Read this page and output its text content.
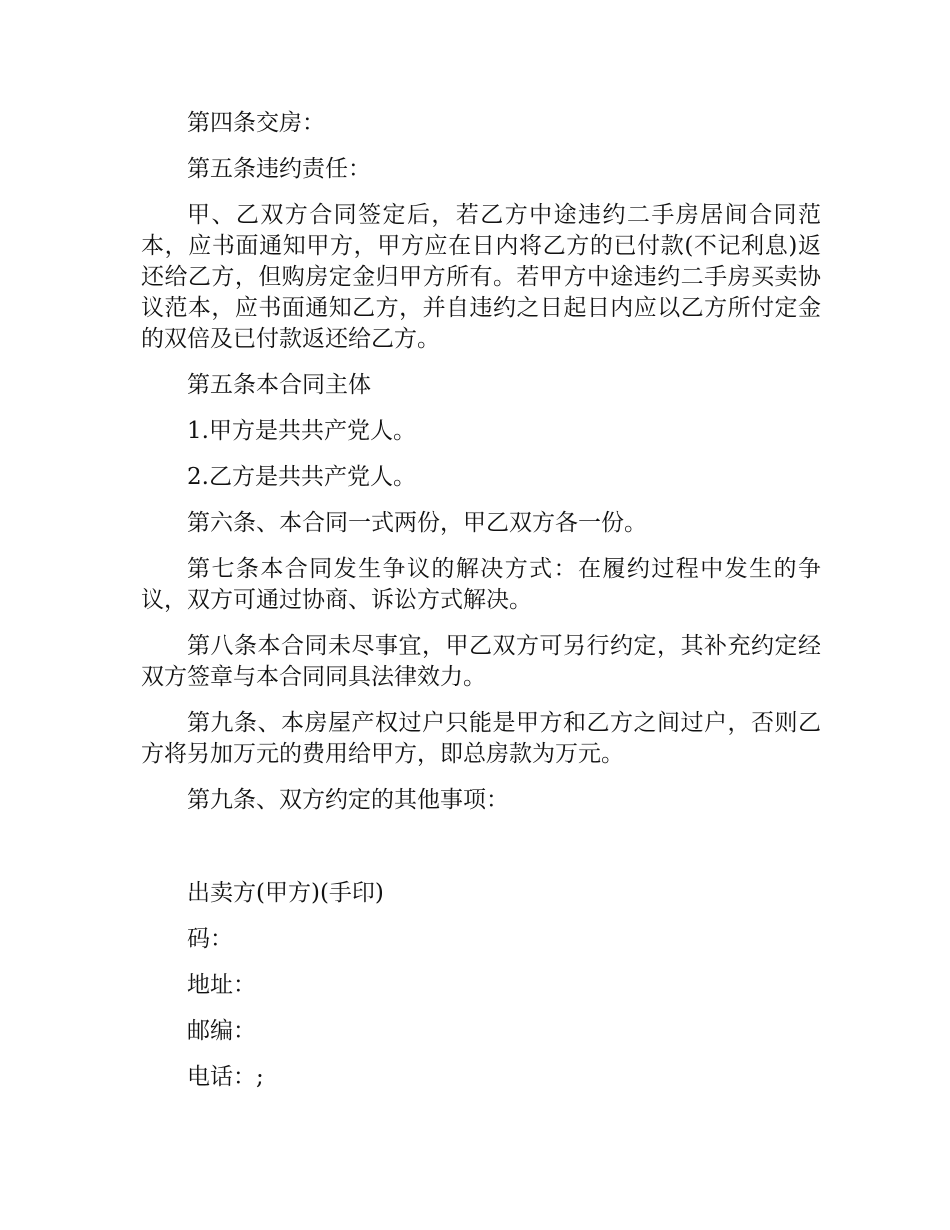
第四条交房：

第五条违约责任：

甲、乙双方合同签定后，若乙方中途违约二手房居间合同范本，应书面通知甲方，甲方应在日内将乙方的已付款(不记利息)返还给乙方，但购房定金归甲方所有。若甲方中途违约二手房买卖协议范本，应书面通知乙方，并自违约之日起日内应以乙方所付定金的双倍及已付款返还给乙方。

第五条本合同主体

1.甲方是共共产党人。

2.乙方是共共产党人。

第六条、本合同一式两份，甲乙双方各一份。

第七条本合同发生争议的解决方式：在履约过程中发生的争议，双方可通过协商、诉讼方式解决。

第八条本合同未尽事宜，甲乙双方可另行约定，其补充约定经双方签章与本合同同具法律效力。

第九条、本房屋产权过户只能是甲方和乙方之间过户，否则乙方将另加万元的费用给甲方，即总房款为万元。

第九条、双方约定的其他事项：

出卖方(甲方)(手印)

码：

地址：

邮编：

电话：;
